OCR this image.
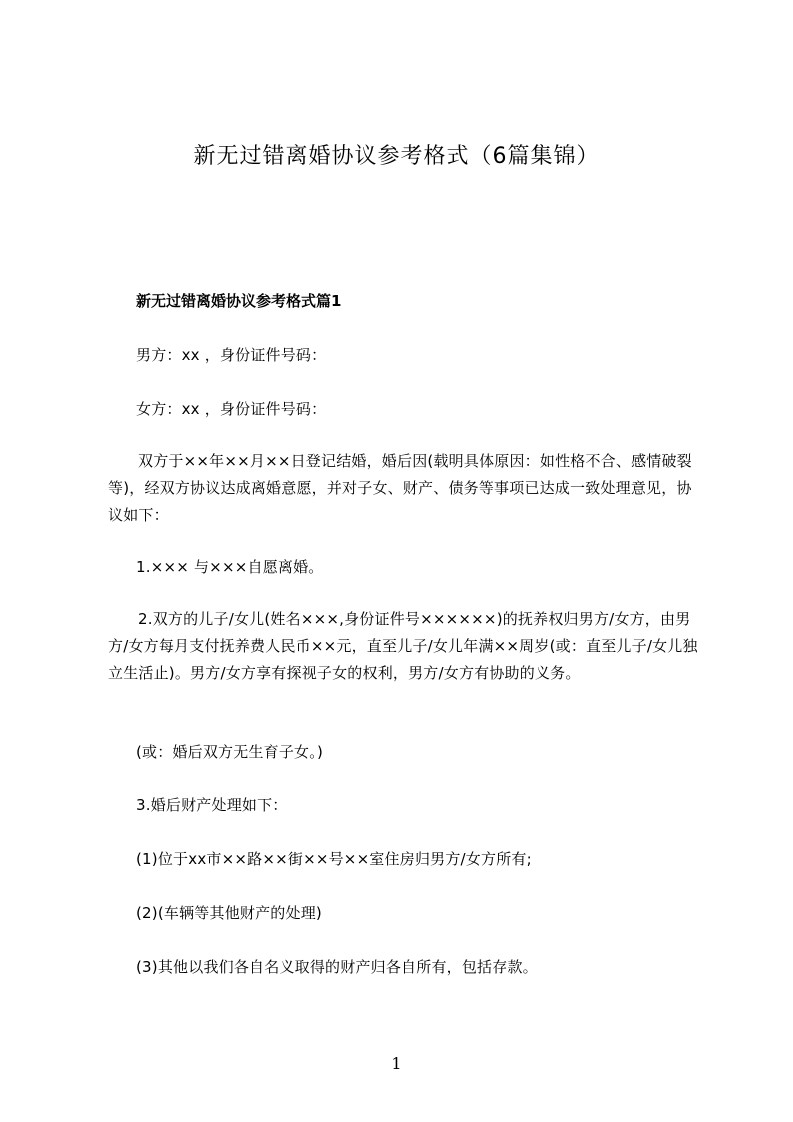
新无过错离婚协议参考格式（6篇集锦）
新无过错离婚协议参考格式篇1
男方：xx ，身份证件号码：
女方：xx ，身份证件号码：
双方于××年××月××日登记结婚，婚后因(载明具体原因：如性格不合、感情破裂等)，经双方协议达成离婚意愿，并对子女、财产、债务等事项已达成一致处理意见，协议如下：
1.××× 与×××自愿离婚。
2.双方的儿子/女儿(姓名×××,身份证件号××××××)的抚养权归男方/女方，由男方/女方每月支付抚养费人民币××元，直至儿子/女儿年满××周岁(或：直至儿子/女儿独立生活止)。男方/女方享有探视子女的权利，男方/女方有协助的义务。
(或：婚后双方无生育子女。)
3.婚后财产处理如下：
(1)位于xx市××路××街××号××室住房归男方/女方所有;
(2)(车辆等其他财产的处理)
(3)其他以我们各自名义取得的财产归各自所有，包括存款。
1
